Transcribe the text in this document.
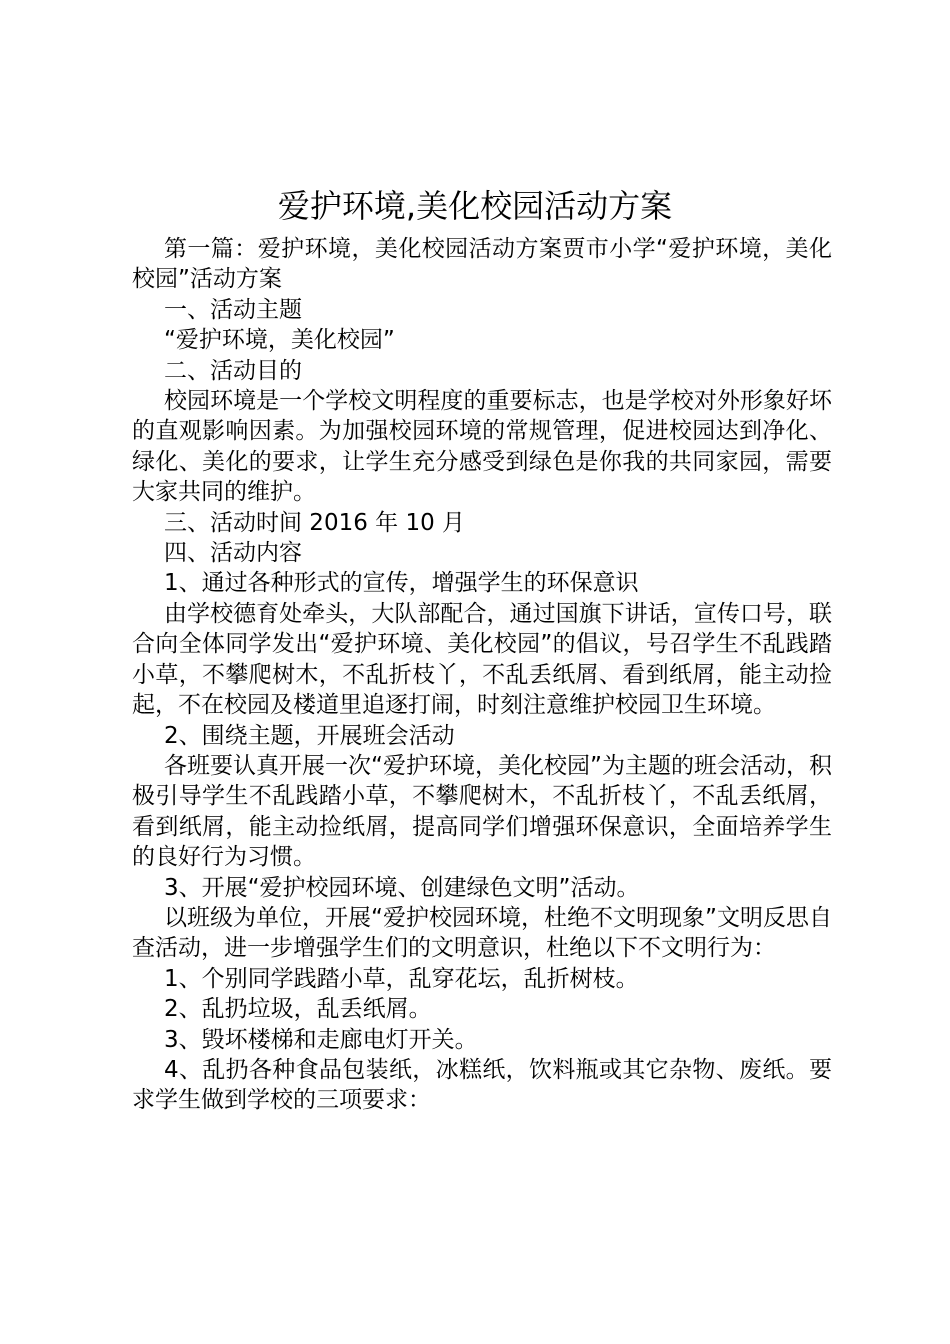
爱护环境,美化校园活动方案

第一篇：爱护环境，美化校园活动方案贾市小学“爱护环境，美化校园”活动方案

一、活动主题

“爱护环境，美化校园”

二、活动目的

校园环境是一个学校文明程度的重要标志，也是学校对外形象好坏的直观影响因素。为加强校园环境的常规管理，促进校园达到净化、绿化、美化的要求，让学生充分感受到绿色是你我的共同家园，需要大家共同的维护。

三、活动时间 2016 年 10 月

四、活动内容

1、通过各种形式的宣传，增强学生的环保意识

由学校德育处牵头，大队部配合，通过国旗下讲话，宣传口号，联合向全体同学发出“爱护环境、美化校园”的倡议，号召学生不乱践踏小草，不攀爬树木，不乱折枝丫，不乱丢纸屑、看到纸屑，能主动捡起，不在校园及楼道里追逐打闹，时刻注意维护校园卫生环境。

2、围绕主题，开展班会活动

各班要认真开展一次“爱护环境，美化校园”为主题的班会活动，积极引导学生不乱践踏小草，不攀爬树木，不乱折枝丫，不乱丢纸屑，看到纸屑，能主动捡纸屑，提高同学们增强环保意识，全面培养学生的良好行为习惯。

3、开展“爱护校园环境、创建绿色文明”活动。

以班级为单位，开展“爱护校园环境，杜绝不文明现象”文明反思自查活动，进一步增强学生们的文明意识，杜绝以下不文明行为：

1、个别同学践踏小草，乱穿花坛，乱折树枝。

2、乱扔垃圾，乱丢纸屑。

3、毁坏楼梯和走廊电灯开关。

4、乱扔各种食品包装纸，冰糕纸，饮料瓶或其它杂物、废纸。要求学生做到学校的三项要求：
